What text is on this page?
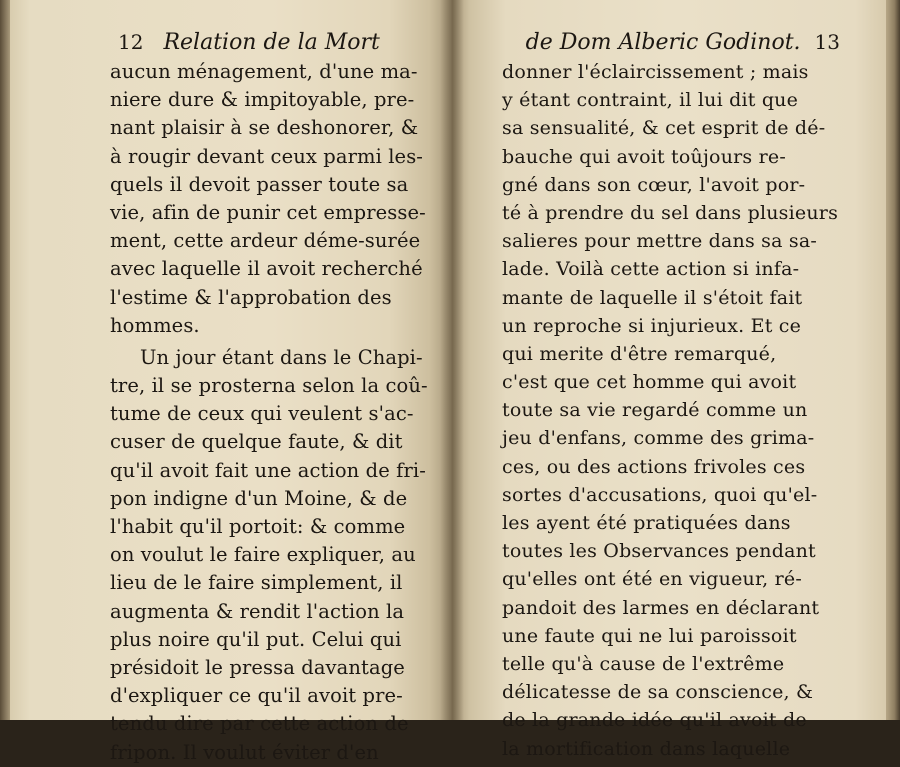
12 Relation de la Mort
aucun ménagement, d'une ma-
niere dure & impitoyable, pre-
nant plaisir à se deshonorer, &
à rougir devant ceux parmi les-
quels il devoit passer toute sa
vie, afin de punir cet empresse-
ment, cette ardeur déme-surée
avec laquelle il avoit recherché
l'estime & l'approbation des
hommes.
Un jour étant dans le Chapi-
tre, il se prosterna selon la coû-
tume de ceux qui veulent s'ac-
cuser de quelque faute, & dit
qu'il avoit fait une action de fri-
pon indigne d'un Moine, & de
l'habit qu'il portoit: & comme
on voulut le faire expliquer, au
lieu de le faire simplement, il
augmenta & rendit l'action la
plus noire qu'il put. Celui qui
présidoit le pressa davantage
d'expliquer ce qu'il avoit pre-
tendu dire par cette action de
fripon. Il voulut éviter d'en
de Dom Alberic Godinot. 13
donner l'éclaircissement ; mais
y étant contraint, il lui dit que
sa sensualité, & cet esprit de dé-
bauche qui avoit toûjours re-
gné dans son cœur, l'avoit por-
té à prendre du sel dans plusieurs
salieres pour mettre dans sa sa-
lade. Voilà cette action si infa-
mante de laquelle il s'étoit fait
un reproche si injurieux. Et ce
qui merite d'être remarqué,
c'est que cet homme qui avoit
toute sa vie regardé comme un
jeu d'enfans, comme des grima-
ces, ou des actions frivoles ces
sortes d'accusations, quoi qu'el-
les ayent été pratiquées dans
toutes les Observances pendant
qu'elles ont été en vigueur, ré-
pandoit des larmes en déclarant
une faute qui ne lui paroissoit
telle qu'à cause de l'extrême
délicatesse de sa conscience, &
de la grande idée qu'il avoit de
la mortification dans laquelle
